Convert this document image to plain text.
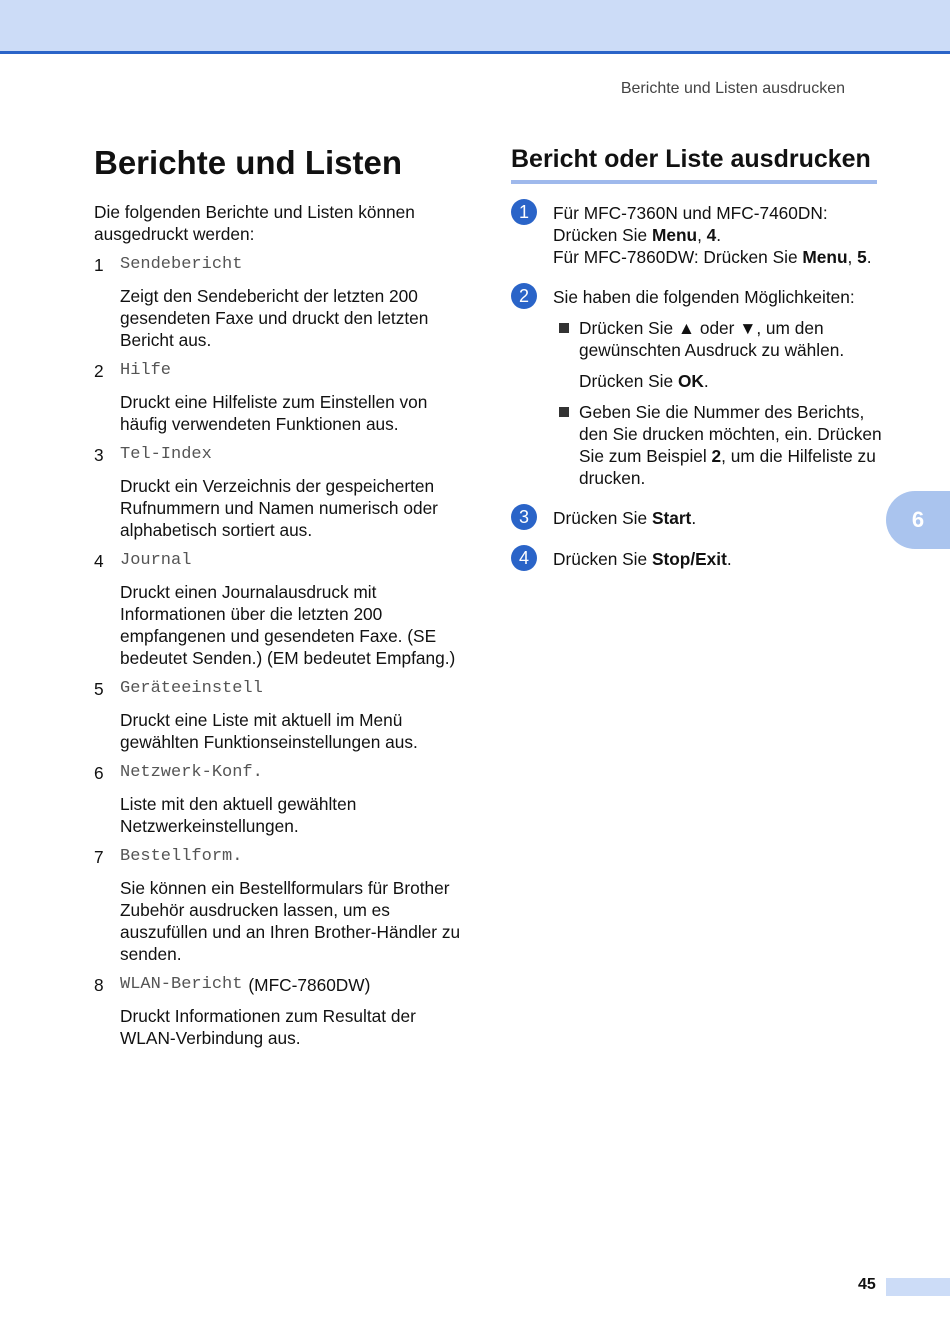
Berichte und Listen ausdrucken
6
Berichte und Listen
Die folgenden Berichte und Listen können ausgedruckt werden:
1 Sendebericht
Zeigt den Sendebericht der letzten 200 gesendeten Faxe und druckt den letzten Bericht aus.
2 Hilfe
Druckt eine Hilfeliste zum Einstellen von häufig verwendeten Funktionen aus.
3 Tel-Index
Druckt ein Verzeichnis der gespeicherten Rufnummern und Namen numerisch oder alphabetisch sortiert aus.
4 Journal
Druckt einen Journalausdruck mit Informationen über die letzten 200 empfangenen und gesendeten Faxe. (SE bedeutet Senden.) (EM bedeutet Empfang.)
5 Geräteeinstell
Druckt eine Liste mit aktuell im Menü gewählten Funktionseinstellungen aus.
6 Netzwerk-Konf.
Liste mit den aktuell gewählten Netzwerkeinstellungen.
7 Bestellform.
Sie können ein Bestellformulars für Brother Zubehör ausdrucken lassen, um es auszufüllen und an Ihren Brother-Händler zu senden.
8 WLAN-Bericht (MFC-7860DW)
Druckt Informationen zum Resultat der WLAN-Verbindung aus.
Bericht oder Liste ausdrucken
1	Für MFC-7360N und MFC-7460DN:
Drücken Sie Menu, 4.
Für MFC-7860DW: Drücken Sie Menu, 5.
2	Sie haben die folgenden Möglichkeiten:
Drücken Sie ▲ oder ▼, um den gewünschten Ausdruck zu wählen.
Drücken Sie OK.
Geben Sie die Nummer des Berichts, den Sie drucken möchten, ein. Drücken Sie zum Beispiel 2, um die Hilfeliste zu drucken.
3	Drücken Sie Start.
4	Drücken Sie Stop/Exit.
45
